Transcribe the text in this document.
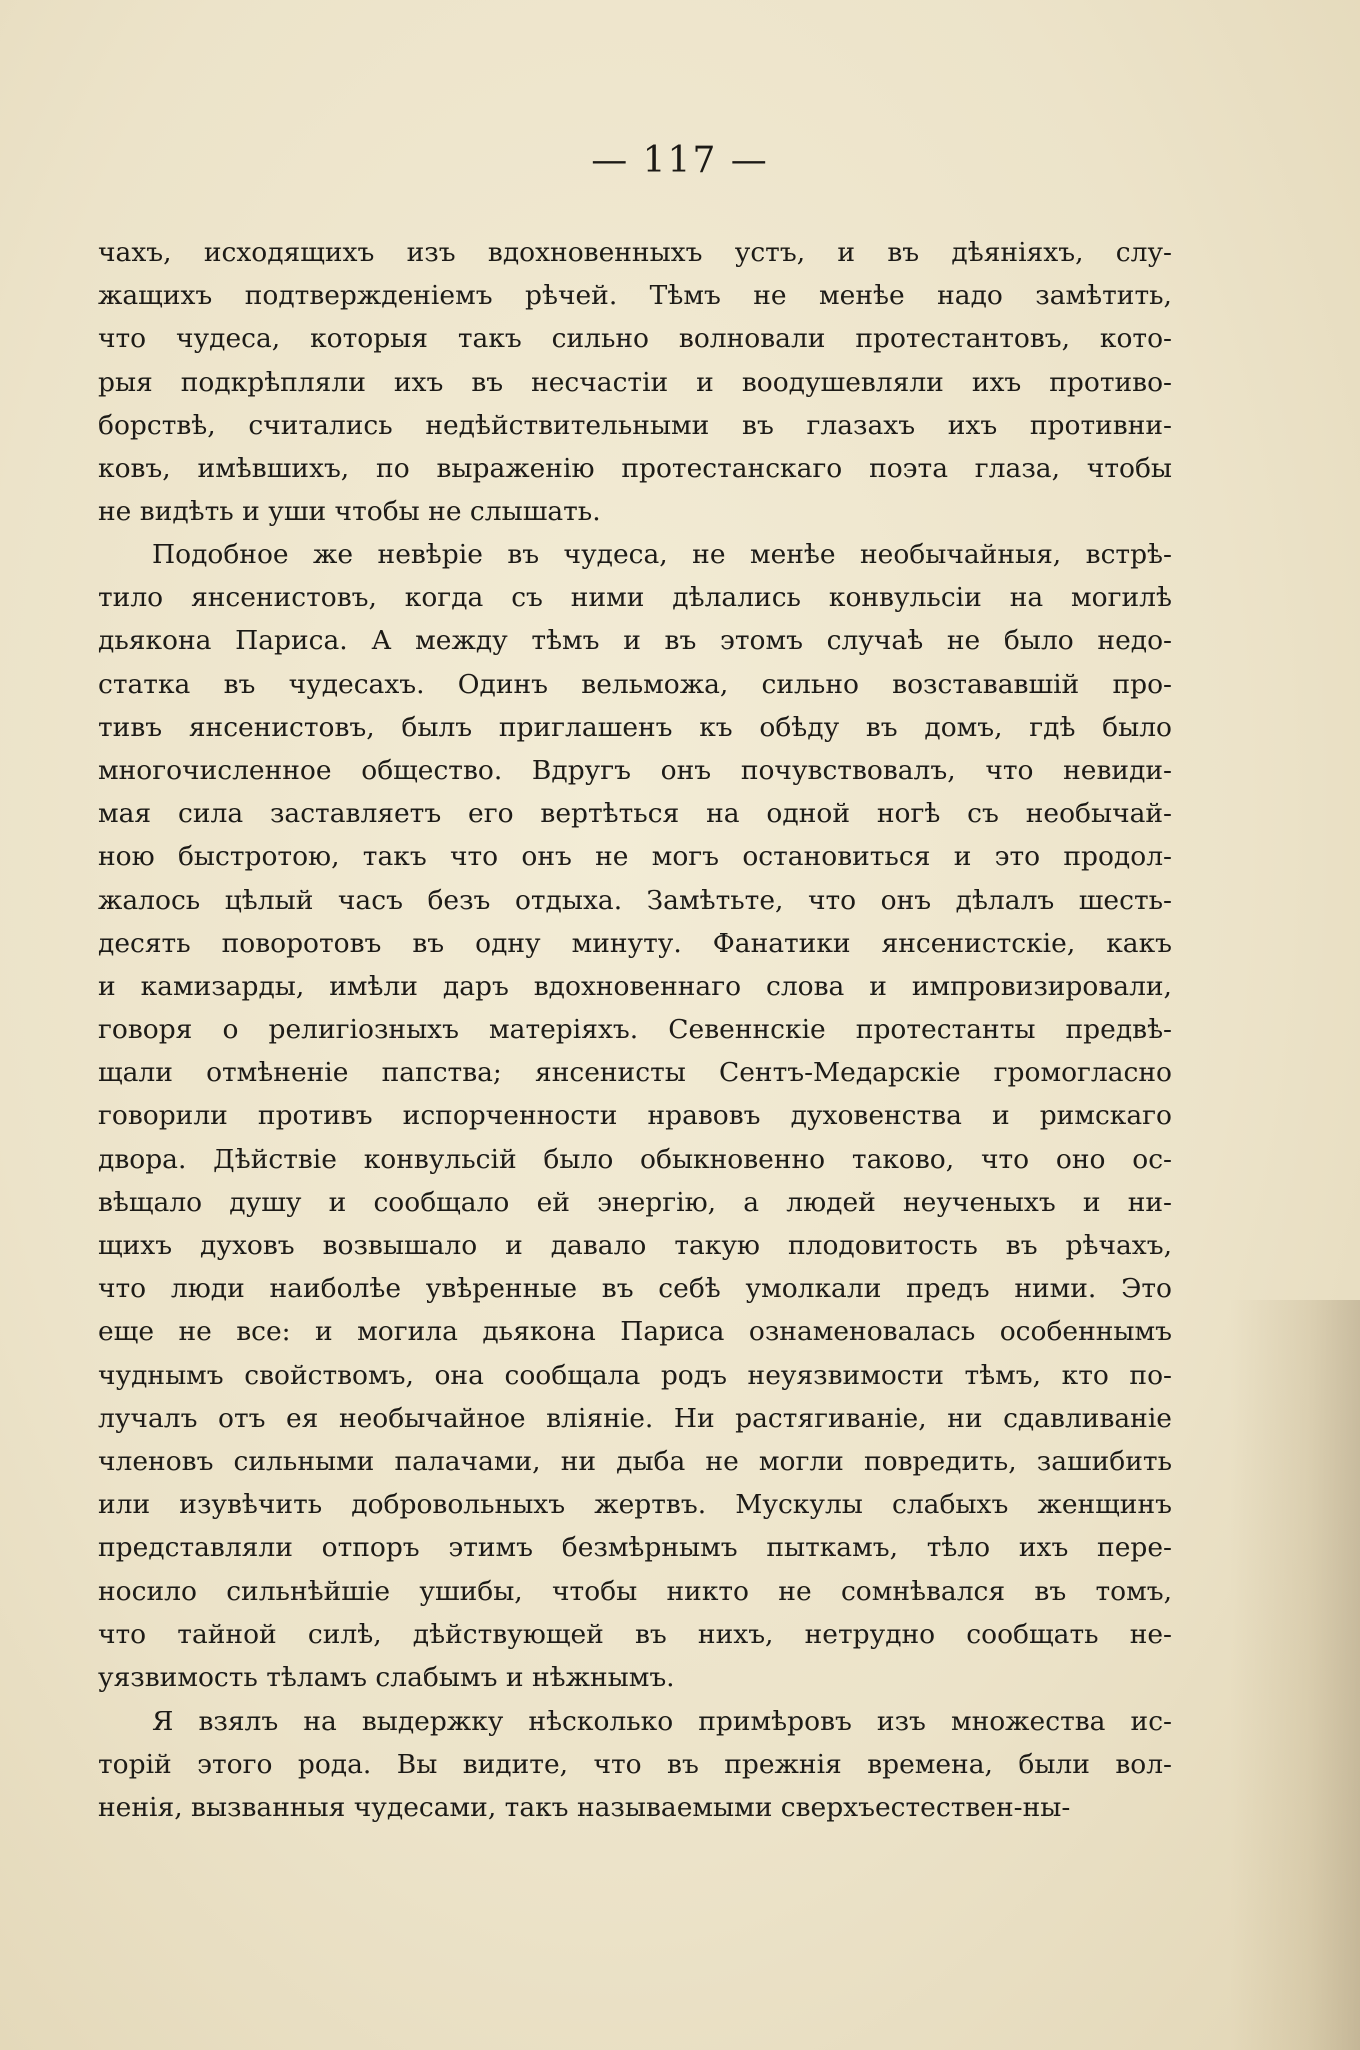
— 117 —
чахъ, исходящихъ изъ вдохновенныхъ устъ, и въ дѣяніяхъ, слу-
жащихъ подтвержденіемъ рѣчей. Тѣмъ не менѣе надо замѣтить,
что чудеса, которыя такъ сильно волновали протестантовъ, кото-
рыя подкрѣпляли ихъ въ несчастіи и воодушевляли ихъ противо-
борствѣ, считались недѣйствительными въ глазахъ ихъ противни-
ковъ, имѣвшихъ, по выраженію протестанскаго поэта глаза, чтобы
не видѣть и уши чтобы не слышать.
Подобное же невѣріе въ чудеса, не менѣе необычайныя, встрѣ-
тило янсенистовъ, когда съ ними дѣлались конвульсіи на могилѣ
дьякона Париса. А между тѣмъ и въ этомъ случаѣ не было недо-
статка въ чудесахъ. Одинъ вельможа, сильно возстававшій про-
тивъ янсенистовъ, былъ приглашенъ къ обѣду въ домъ, гдѣ было
многочисленное общество. Вдругъ онъ почувствовалъ, что невиди-
мая сила заставляетъ его вертѣться на одной ногѣ съ необычай-
ною быстротою, такъ что онъ не могъ остановиться и это продол-
жалось цѣлый часъ безъ отдыха. Замѣтьте, что онъ дѣлалъ шесть-
десять поворотовъ въ одну минуту. Фанатики янсенистскіе, какъ
и камизарды, имѣли даръ вдохновеннаго слова и импровизировали,
говоря о религіозныхъ матеріяхъ. Севеннскіе протестанты предвѣ-
щали отмѣненіе папства; янсенисты Сентъ-Медарскіе громогласно
говорили противъ испорченности нравовъ духовенства и римскаго
двора. Дѣйствіе конвульсій было обыкновенно таково, что оно ос-
вѣщало душу и сообщало ей энергію, а людей неученыхъ и ни-
щихъ духовъ возвышало и давало такую плодовитость въ рѣчахъ,
что люди наиболѣе увѣренные въ себѣ умолкали предъ ними. Это
еще не все: и могила дьякона Париса ознаменовалась особеннымъ
чуднымъ свойствомъ, она сообщала родъ неуязвимости тѣмъ, кто по-
лучалъ отъ ея необычайное вліяніе. Ни растягиваніе, ни сдавливаніе
членовъ сильными палачами, ни дыба не могли повредить, зашибить
или изувѣчить добровольныхъ жертвъ. Мускулы слабыхъ женщинъ
представляли отпоръ этимъ безмѣрнымъ пыткамъ, тѣло ихъ пере-
носило сильнѣйшіе ушибы, чтобы никто не сомнѣвался въ томъ,
что тайной силѣ, дѣйствующей въ нихъ, нетрудно сообщать не-
уязвимость тѣламъ слабымъ и нѣжнымъ.
Я взялъ на выдержку нѣсколько примѣровъ изъ множества ис-
торій этого рода. Вы видите, что въ прежнія времена, были вол-
ненія, вызванныя чудесами, такъ называемыми сверхъестествен-ны-
